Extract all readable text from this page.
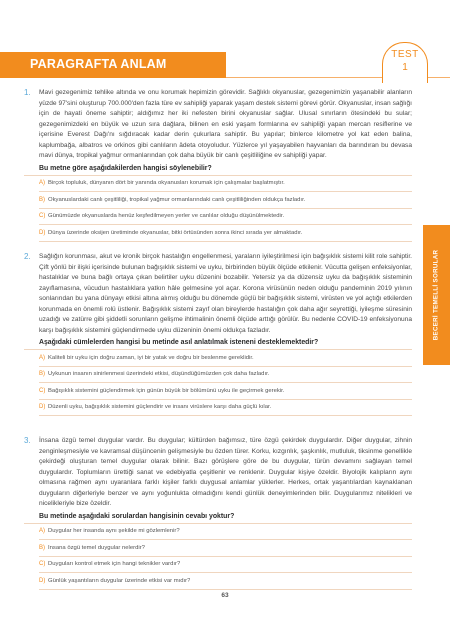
PARAGRAFTA ANLAM
TEST
1
BECERİ TEMELLİ SORULAR
1. Mavi gezegenimiz tehlike altında ve onu korumak hepimizin görevidir. Sağlıklı okyanuslar, gezegenimizin yaşanabilir alanların yüzde 97'sini oluşturup 700.000'den fazla türe ev sahipliği yaparak yaşam destek sistemi görevi görür. Okyanuslar, insan sağlığı için de hayati öneme sahiptir; aldığımız her iki nefesten birini okyanuslar sağlar. Ulusal sınırların ötesindeki bu sular; gezegenimizdeki en büyük ve uzun sıra dağlara, bilinen en eski yaşam formlarına ev sahipliği yapan mercan resiflerine ve içerisine Everest Dağı'nı sığdıracak kadar derin çukurlara sahiptir. Bu yapılar; binlerce kilometre yol kat eden balina, kaplumbağa, albatros ve orkinos gibi canlıların âdeta otoyoludur. Yüzlerce yıl yaşayabilen hayvanları da barındıran bu devasa mavi dünya, tropikal yağmur ormanlarından çok daha büyük bir canlı çeşitliliğine ev sahipliği yapar.
Bu metne göre aşağıdakilerden hangisi söylenebilir?
A) Birçok topluluk, dünyanın dört bir yanında okyanusları korumak için çalışmalar başlatmıştır.
B) Okyanuslardaki canlı çeşitliliği, tropikal yağmur ormanlarındaki canlı çeşitliliğinden oldukça fazladır.
C) Günümüzde okyanuslarda henüz keşfedilmeyen yerler ve canlılar olduğu düşünülmektedir.
D) Dünya üzerinde oksijen üretiminde okyanuslar, bitki örtüsünden sonra ikinci sırada yer almaktadır.
2. Sağlığın korunması, akut ve kronik birçok hastalığın engellenmesi, yaraların iyileştirilmesi için bağışıklık sistemi kilit role sahiptir. Çift yönlü bir ilişki içerisinde bulunan bağışıklık sistemi ve uyku, birbirinden büyük ölçüde etkilenir. Vücutta gelişen enfeksiyonlar, hastalıklar ve buna bağlı ortaya çıkan belirtiler uyku düzenini bozabilir. Yetersiz ya da düzensiz uyku da bağışıklık sisteminin zayıflamasına, vücudun hastalıklara yatkın hâle gelmesine yol açar. Korona virüsünün neden olduğu pandeminin 2019 yılının sonlarından bu yana dünyayı etkisi altına alımış olduğu bu dönemde güçlü bir bağışıklık sistemi, virüsten ve yol açtığı etkilerden korunmada en önemli rolü üstlenir. Bağışıklık sistemi zayıf olan bireylerde hastalığın çok daha ağır seyrettiği, iyileşme süresinin uzadığı ve zatürre gibi şiddetli sorunların gelişme ihtimalinin önemli ölçüde arttığı görülür. Bu nedenle COVID-19 enfeksiyonuna karşı bağışıklık sistemini güçlendirmede uyku düzeninin önemi oldukça fazladır.
Aşağıdaki cümlelerden hangisi bu metinde asıl anlatılmak isteneni desteklemektedir?
A) Kaliteli bir uyku için doğru zaman, iyi bir yatak ve doğru bir beslenme gereklidir.
B) Uykunun insanın sinirlenmesi üzerindeki etkisi, düşündüğümüzden çok daha fazladır.
C) Bağışıklık sistemini güçlendirmek için günün büyük bir bölümünü uyku ile geçirmek gerekir.
D) Düzenli uyku, bağışıklık sistemini güçlendirir ve insanı virüslere karşı daha güçlü kılar.
3. İnsana özgü temel duygular vardır. Bu duygular; kültürden bağımsız, türe özgü çekirdek duygulardır. Diğer duygular, zihnin zenginleşmesiyle ve kavramsal düşüncenin gelişmesiyle bu özden türer. Korku, kızgınlık, şaşkınlık, mutluluk, tiksinme genellikle çekirdeği oluşturan temel duygular olarak bilinir. Bazı görüşlere göre de bu duygular, türün devamını sağlayan temel duygulardır. Toplumların ürettiği sanat ve edebiyatla çeşitlenir ve renklenir. Duygular kişiye özeldir. Biyolojik kalıpların aynı olmasına rağmen aynı uyaranlara farklı kişiler farklı duygusal anlamlar yüklerler. Herkes, ortak yaşantılardan kaynaklanan duyguların diğerleriyle benzer ve aynı yoğunlukta olmadığını kendi günlük deneyimlerinden bilir. Duygularımız nitelikleri ve nicelikleriyle bize özeldir.
Bu metinde aşağıdaki sorulardan hangisinin cevabı yoktur?
A) Duygular her insanda aynı şekilde mi gözlemlenir?
B) İnsana özgü temel duygular nelerdir?
C) Duyguları kontrol etmek için hangi teknikler vardır?
D) Günlük yaşantıların duygular üzerinde etkisi var mıdır?
63
